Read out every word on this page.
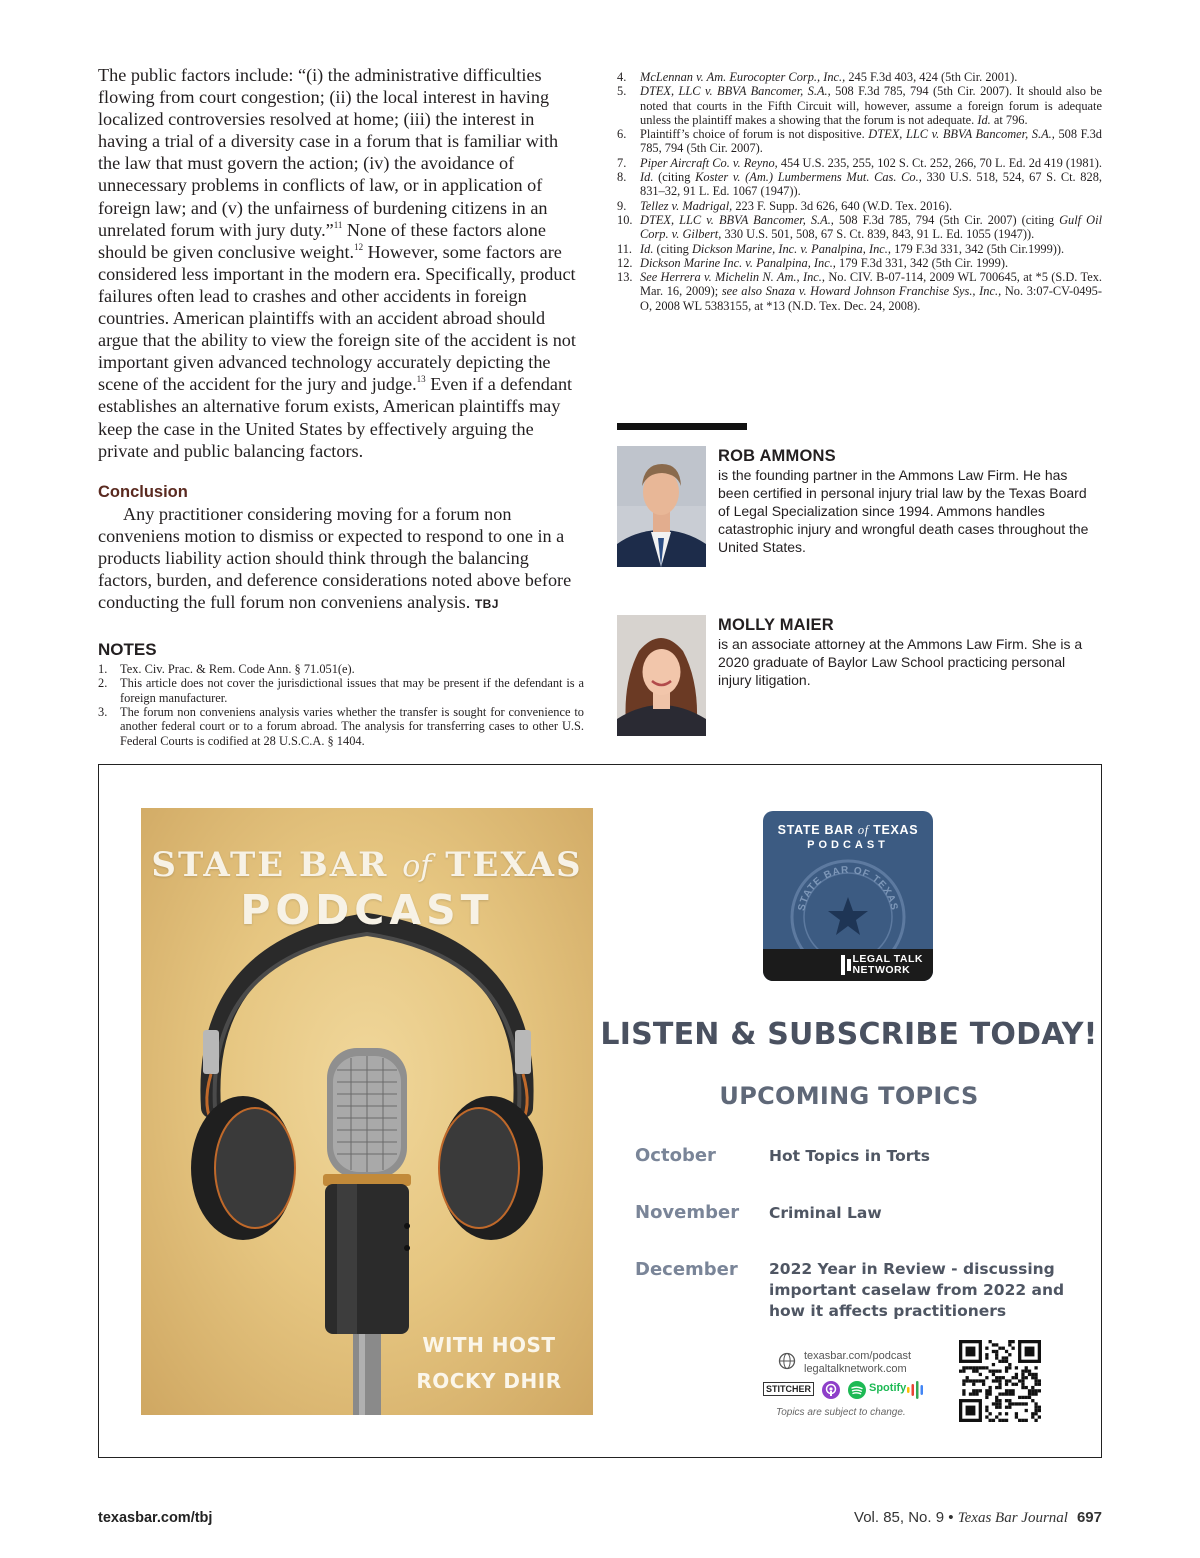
The public factors include: “(i) the administrative difficulties flowing from court congestion; (ii) the local interest in having localized controversies resolved at home; (iii) the interest in having a trial of a diversity case in a forum that is familiar with the law that must govern the action; (iv) the avoidance of unnecessary problems in conflicts of law, or in application of foreign law; and (v) the unfairness of burdening citizens in an unrelated forum with jury duty.”$^{11}$ None of these factors alone should be given conclusive weight.$^{12}$ However, some factors are considered less important in the modern era. Specifically, product failures often lead to crashes and other accidents in foreign countries. American plaintiffs with an accident abroad should argue that the ability to view the foreign site of the accident is not important given advanced technology accurately depicting the scene of the accident for the jury and judge.$^{13}$ Even if a defendant establishes an alternative forum exists, American plaintiffs may keep the case in the United States by effectively arguing the private and public balancing factors.

Conclusion

Any practitioner considering moving for a forum non conveniens motion to dismiss or expected to respond to one in a products liability action should think through the balancing factors, burden, and deference considerations noted above before conducting the full forum non conveniens analysis. TBJ

NOTES
1. Tex. Civ. Prac. & Rem. Code Ann. § 71.051(e).
2. This article does not cover the jurisdictional issues that may be present if the defendant is a foreign manufacturer.
3. The forum non conveniens analysis varies whether the transfer is sought for convenience to another federal court or to a forum abroad. The analysis for transferring cases to other U.S. Federal Courts is codified at 28 U.S.C.A. § 1404.
4. McLennan v. Am. Eurocopter Corp., Inc., 245 F.3d 403, 424 (5th Cir. 2001).
5. DTEX, LLC v. BBVA Bancomer, S.A., 508 F.3d 785, 794 (5th Cir. 2007). It should also be noted that courts in the Fifth Circuit will, however, assume a foreign forum is adequate unless the plaintiff makes a showing that the forum is not adequate. Id. at 796.
6. Plaintiff’s choice of forum is not dispositive. DTEX, LLC v. BBVA Bancomer, S.A., 508 F.3d 785, 794 (5th Cir. 2007).
7. Piper Aircraft Co. v. Reyno, 454 U.S. 235, 255, 102 S. Ct. 252, 266, 70 L. Ed. 2d 419 (1981).
8. Id. (citing Koster v. (Am.) Lumbermens Mut. Cas. Co., 330 U.S. 518, 524, 67 S. Ct. 828, 831–32, 91 L. Ed. 1067 (1947)).
9. Tellez v. Madrigal, 223 F. Supp. 3d 626, 640 (W.D. Tex. 2016).
10. DTEX, LLC v. BBVA Bancomer, S.A., 508 F.3d 785, 794 (5th Cir. 2007) (citing Gulf Oil Corp. v. Gilbert, 330 U.S. 501, 508, 67 S. Ct. 839, 843, 91 L. Ed. 1055 (1947)).
11. Id. (citing Dickson Marine, Inc. v. Panalpina, Inc., 179 F.3d 331, 342 (5th Cir.1999)).
12. Dickson Marine Inc. v. Panalpina, Inc., 179 F.3d 331, 342 (5th Cir. 1999).
13. See Herrera v. Michelin N. Am., Inc., No. CIV. B-07-114, 2009 WL 700645, at *5 (S.D. Tex. Mar. 16, 2009); see also Snaza v. Howard Johnson Franchise Sys., Inc., No. 3:07-CV-0495-O, 2008 WL 5383155, at *13 (N.D. Tex. Dec. 24, 2008).
ROB AMMONS
is the founding partner in the Ammons Law Firm. He has been certified in personal injury trial law by the Texas Board of Legal Specialization since 1994. Ammons handles catastrophic injury and wrongful death cases throughout the United States.
MOLLY MAIER
is an associate attorney at the Ammons Law Firm. She is a 2020 graduate of Baylor Law School practicing personal injury litigation.
STATE BAR of TEXAS
PODCAST
WITH HOST
ROCKY DHIR
STATE BAR of TEXAS
PODCAST
STATE BAR OF TEXAS
LEGAL TALK
NETWORK
LISTEN & SUBSCRIBE TODAY!
UPCOMING TOPICS
October	Hot Topics in Torts
November Criminal Law
December 2022 Year in Review - discussing important caselaw from 2022 and how it affects practitioners
texasbar.com/podcast
legaltalknetwork.com
STITCHER	Spotify
Topics are subject to change.
texasbar.com/tbj	Vol. 85, No. 9 • Texas Bar Journal 697
